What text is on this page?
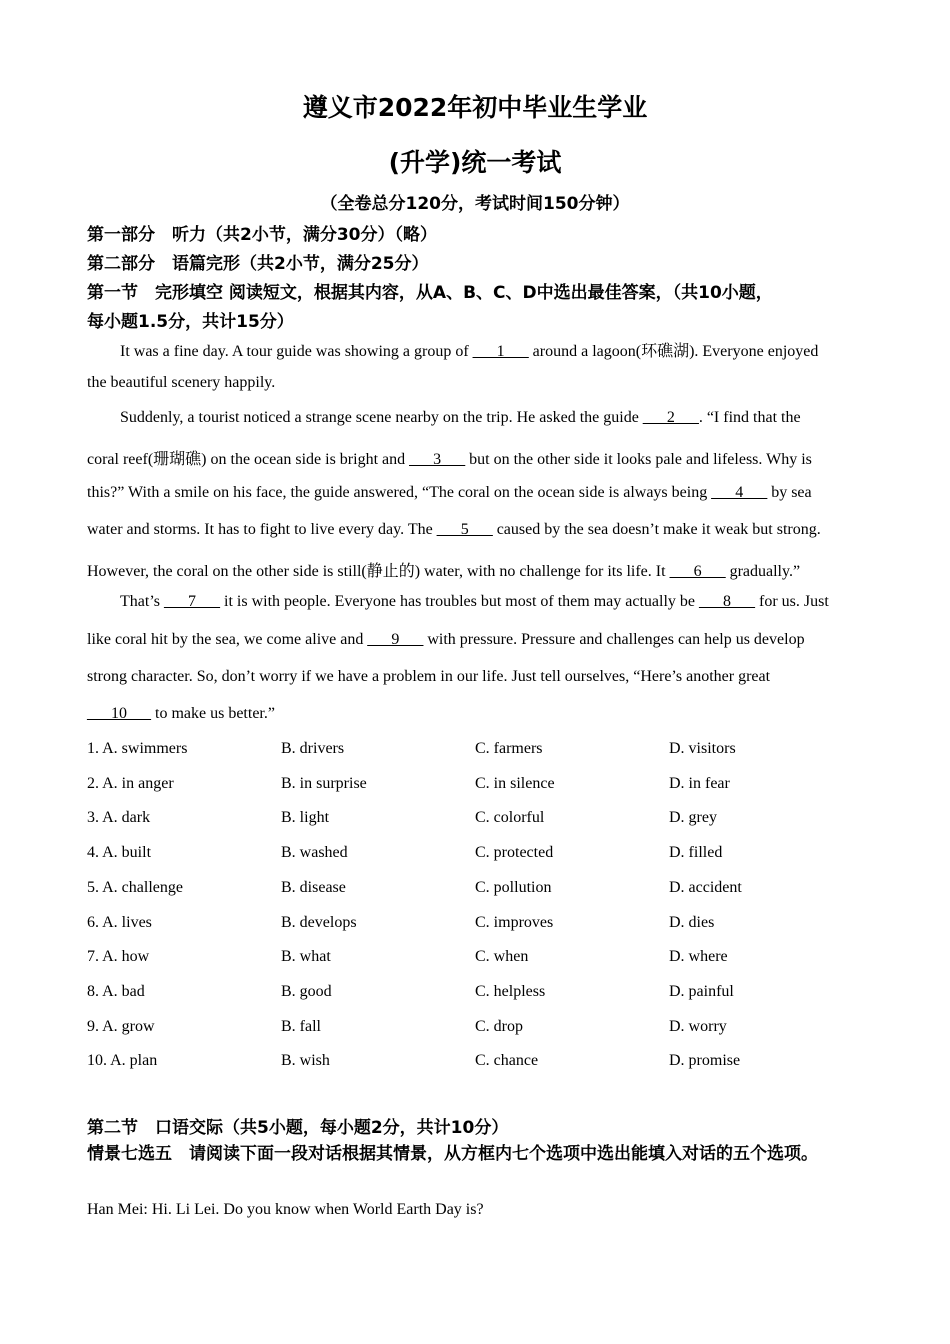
遵义市2022年初中毕业生学业
(升学)统一考试
（全卷总分120分，考试时间150分钟）
第一部分　听力（共2小节，满分30分）（略）
第二部分　语篇完形（共2小节，满分25分）
第一节　完形填空 阅读短文，根据其内容，从A、B、C、D中选出最佳答案，（共10小题，
每小题1.5分，共计15分）
It was a fine day. A tour guide was showing a group of ___1___ around a lagoon(环礁湖). Everyone enjoyed
the beautiful scenery happily.
Suddenly, a tourist noticed a strange scene nearby on the trip. He asked the guide ___2___. “I find that the
coral reef(珊瑚礁) on the ocean side is bright and ___3___ but on the other side it looks pale and lifeless. Why is
this?” With a smile on his face, the guide answered, “The coral on the ocean side is always being ___4___ by sea
water and storms. It has to fight to live every day. The ___5___ caused by the sea doesn’t make it weak but strong.
However, the coral on the other side is still(静止的) water, with no challenge for its life. It ___6___ gradually.”
That’s ___7___ it is with people. Everyone has troubles but most of them may actually be ___8___ for us. Just
like coral hit by the sea, we come alive and ___9___ with pressure. Pressure and challenges can help us develop
strong character. So, don’t worry if we have a problem in our life. Just tell ourselves, “Here’s another great
___10___ to make us better.”
1. A. swimmers	B. drivers	C. farmers	D. visitors
2. A. in anger	B. in surprise	C. in silence	D. in fear
3. A. dark	B. light	C. colorful	D. grey
4. A. built	B. washed	C. protected	D. filled
5. A. challenge	B. disease	C. pollution	D. accident
6. A. lives	B. develops	C. improves	D. dies
7. A. how	B. what	C. when	D. where
8. A. bad	B. good	C. helpless	D. painful
9. A. grow	B. fall	C. drop	D. worry
10. A. plan	B. wish	C. chance	D. promise
第二节　口语交际（共5小题，每小题2分，共计10分）
情景七选五　请阅读下面一段对话根据其情景，从方框内七个选项中选出能填入对话的五个选项。
Han Mei: Hi. Li Lei. Do you know when World Earth Day is?
